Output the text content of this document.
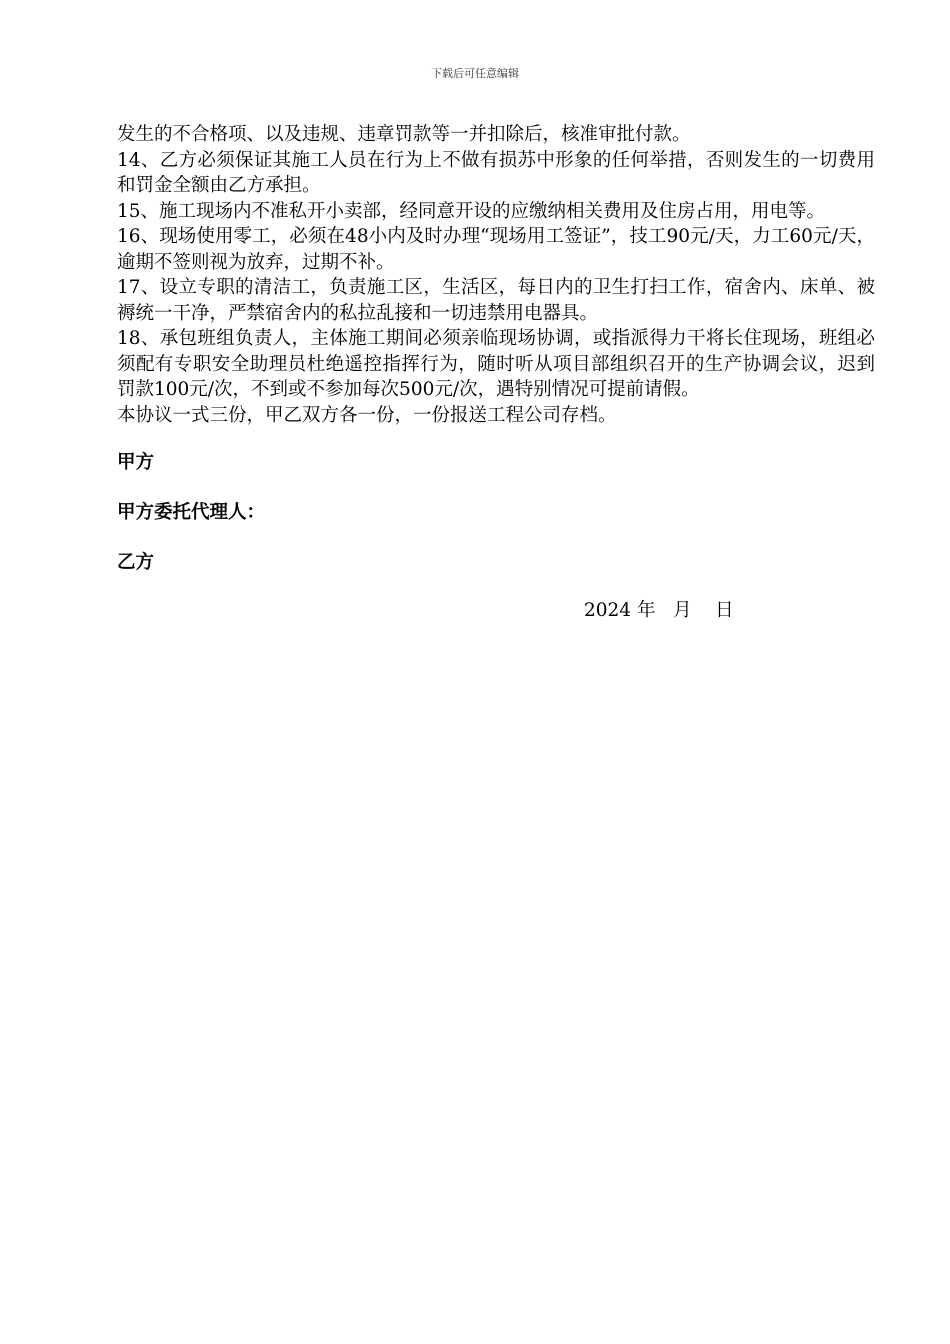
下载后可任意编辑

发生的不合格项、以及违规、违章罚款等一并扣除后，核准审批付款。

14、乙方必须保证其施工人员在行为上不做有损苏中形象的任何举措，否则发生的一切费用和罚金全额由乙方承担。

15、施工现场内不准私开小卖部，经同意开设的应缴纳相关费用及住房占用，用电等。

16、现场使用零工，必须在48小内及时办理“现场用工签证”，技工90元/天，力工60元/天，逾期不签则视为放弃，过期不补。

17、设立专职的清洁工，负责施工区，生活区，每日内的卫生打扫工作，宿舍内、床单、被褥统一干净，严禁宿舍内的私拉乱接和一切违禁用电器具。

18、承包班组负责人，主体施工期间必须亲临现场协调，或指派得力干将长住现场，班组必须配有专职安全助理员杜绝遥控指挥行为，随时听从项目部组织召开的生产协调会议，迟到罚款100元/次，不到或不参加每次500元/次，遇特别情况可提前请假。

本协议一式三份，甲乙双方各一份，一份报送工程公司存档。

甲方

甲方委托代理人：

乙方

2024 年   月    日
